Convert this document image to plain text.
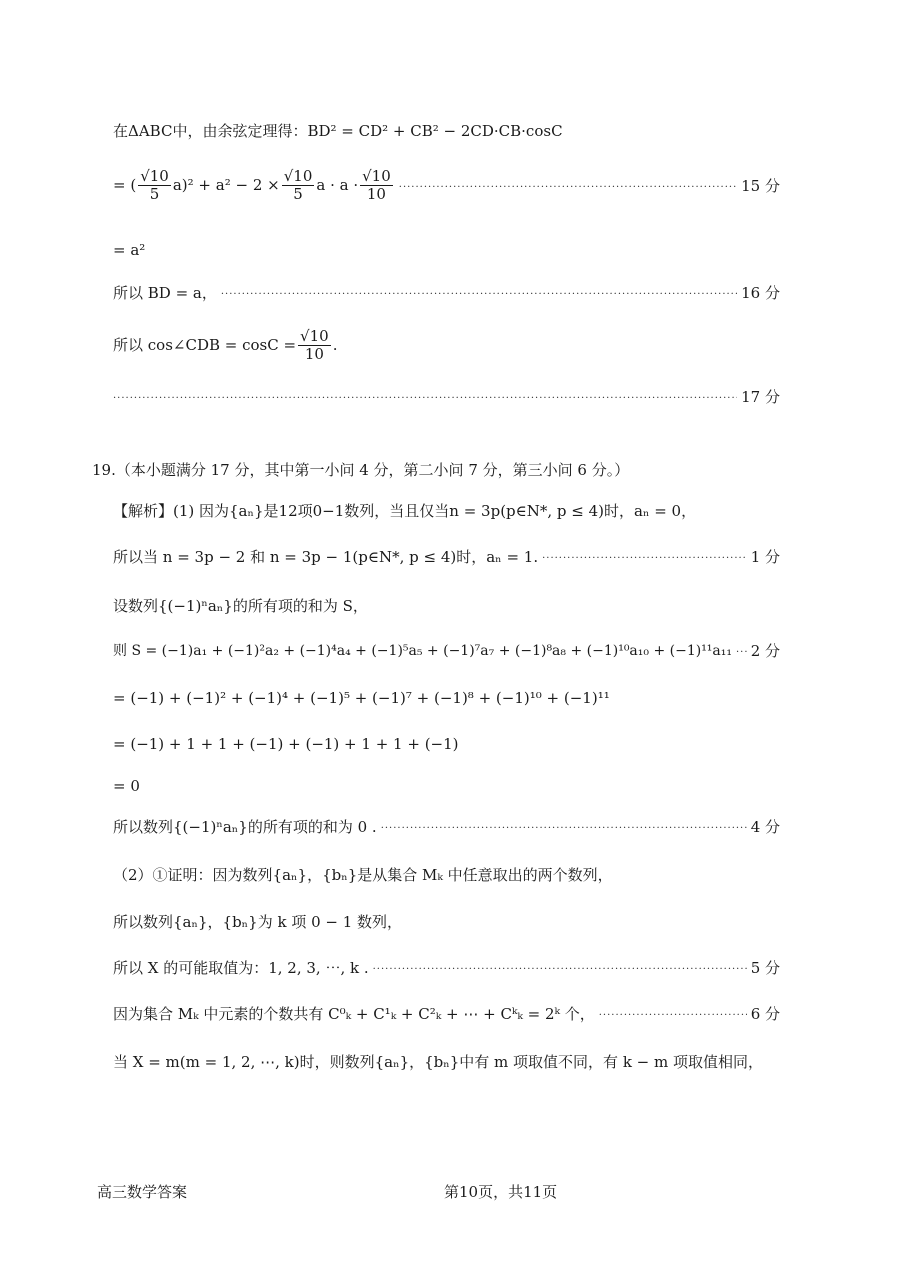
在ΔABC中，由余弦定理得：BD² = CD² + CB² − 2CD·CB·cosC
= ( $\frac{√10}{5} a)^2 + a^2 - 2 \times \frac{√10}{5}$ $a \cdot a \cdot \frac{√10}{10}$ ·····	15 分
= a²
所以 BD = a， ·····	16 分
所以 cos∠CDB = $\cos C = \frac{√10}{10}$ .
·····
17 分
19.（本小题满分 17 分，其中第一小问 4 分，第二小问 7 分，第三小问 6 分。）
【解析】(1) 因为{aₙ}是12项0−1数列，当且仅当n = 3p(p∈N*, p ≤ 4)时，aₙ = 0，
所以当 n = 3p − 2 和 n = 3p − 1(p∈N*, p ≤ 4)时，aₙ = 1. ·····	1 分
设数列{(−1)ⁿaₙ}的所有项的和为 S，
则 S = (−1)a₁ + (−1)²a₂ + (−1)⁴a₄ + (−1)⁵a₅ + (−1)⁷a₇ + (−1)⁸a₈ + (−1)¹⁰a₁₀ + (−1)¹¹a₁₁ ····· 2 分
= (−1) + (−1)² + (−1)⁴ + (−1)⁵ + (−1)⁷ + (−1)⁸ + (−1)¹⁰ + (−1)¹¹
= (−1) + 1 + 1 + (−1) + (−1) + 1 + 1 + (−1)
= 0
所以数列{(−1)ⁿaₙ}的所有项的和为 0 . ·····	4 分
（2）①证明：因为数列{aₙ}，{bₙ}是从集合 Mₖ 中任意取出的两个数列，
所以数列{aₙ}，{bₙ}为 k 项 0 − 1 数列，
所以 X 的可能取值为：1, 2, 3, ⋯, k . ·····	5 分
因为集合 Mₖ 中元素的个数共有 C⁰ₖ + C¹ₖ + C²ₖ + ⋯ + Cᵏₖ = 2ᵏ 个， ·····	6 分
当 X = m(m = 1, 2, ⋯, k)时，则数列{aₙ}，{bₙ}中有 m 项取值不同，有 k − m 项取值相同，
高三数学答案	第10页，共11页
